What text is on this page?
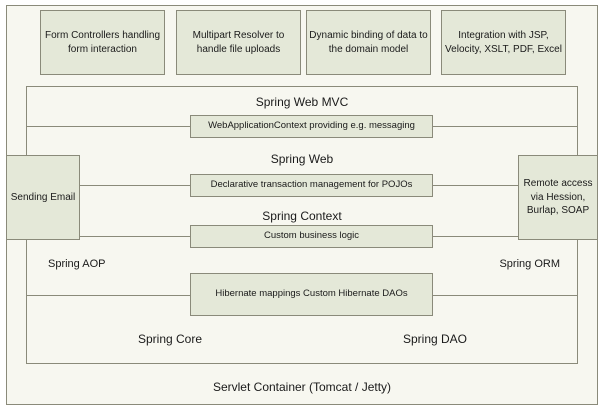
Form Controllers handling form interaction
Multipart Resolver to handle file uploads
Dynamic binding of data to the domain model
Integration with JSP, Velocity, XSLT, PDF, Excel
Spring Web MVC
WebApplicationContext providing e.g. messaging
Spring Web
Declarative transaction management for POJOs
Spring Context
Custom business logic
Spring AOP	Spring ORM
Hibernate mappings Custom Hibernate DAOs
Spring Core	Spring DAO
Sending Email
Remote access via Hession, Burlap, SOAP
Servlet Container (Tomcat / Jetty)
